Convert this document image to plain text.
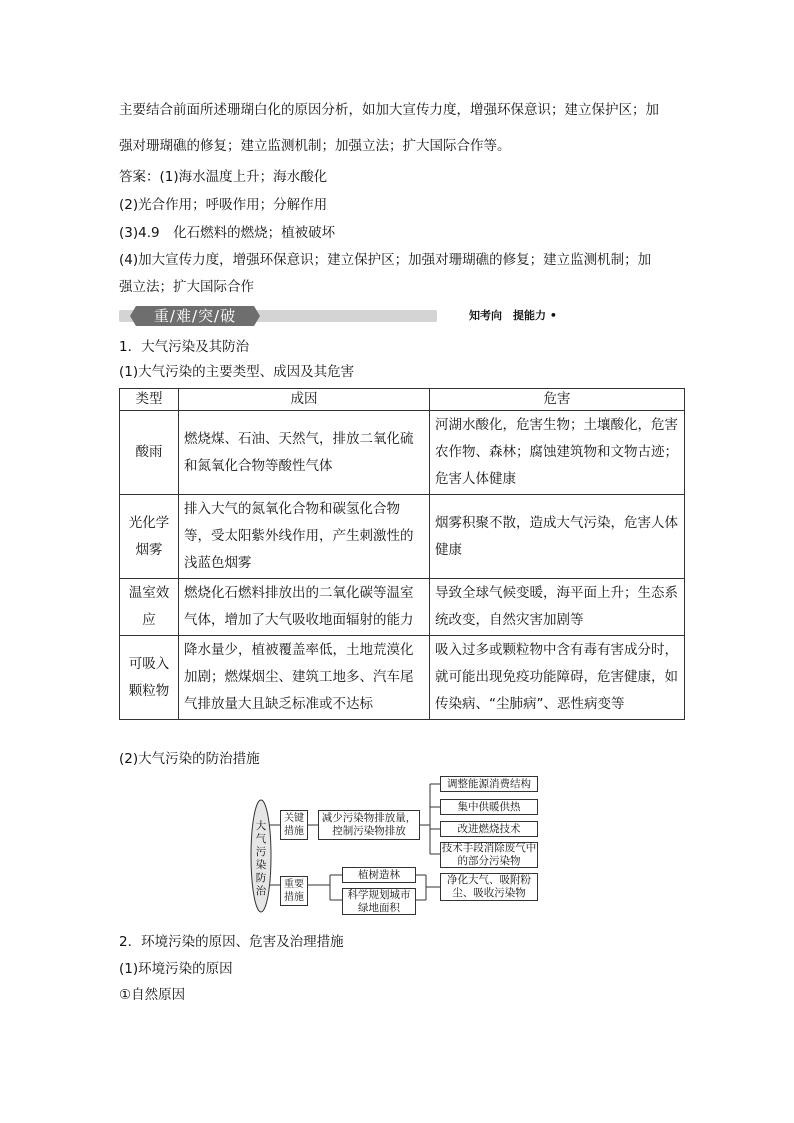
主要结合前面所述珊瑚白化的原因分析，如加大宣传力度，增强环保意识；建立保护区；加
强对珊瑚礁的修复；建立监测机制；加强立法；扩大国际合作等。
答案：(1)海水温度上升；海水酸化
(2)光合作用；呼吸作用；分解作用
(3)4.9　化石燃料的燃烧；植被破坏
(4)加大宣传力度，增强环保意识；建立保护区；加强对珊瑚礁的修复；建立监测机制；加
强立法；扩大国际合作
重/难/突/破	知考向　提能力 •
1．大气污染及其防治
(1)大气污染的主要类型、成因及其危害
类型	成因	危害
酸雨	燃烧煤、石油、天然气，排放二氧化硫和氮氧化合物等酸性气体	河湖水酸化，危害生物；土壤酸化，危害农作物、森林；腐蚀建筑物和文物古迹；危害人体健康
光化学烟雾	排入大气的氮氧化合物和碳氢化合物等，受太阳紫外线作用，产生刺激性的浅蓝色烟雾	烟雾积聚不散，造成大气污染，危害人体健康
温室效应	燃烧化石燃料排放出的二氧化碳等温室气体，增加了大气吸收地面辐射的能力	导致全球气候变暖，海平面上升；生态系统改变，自然灾害加剧等
可吸入颗粒物	降水量少，植被覆盖率低，土地荒漠化加剧；燃煤烟尘、建筑工地多、汽车尾气排放量大且缺乏标准或不达标	吸入过多或颗粒物中含有毒有害成分时，就可能出现免疫功能障碍，危害健康，如传染病、“尘肺病”、恶性病变等
(2)大气污染的防治措施
大气污染防治
关键措施
减少污染物排放量，控制污染物排放
调整能源消费结构
集中供暖供热
改进燃烧技术
技术手段消除废气中的部分污染物
重要措施
植树造林
科学规划城市绿地面积
净化大气、吸附粉尘、吸收污染物
2．环境污染的原因、危害及治理措施
(1)环境污染的原因
①自然原因
